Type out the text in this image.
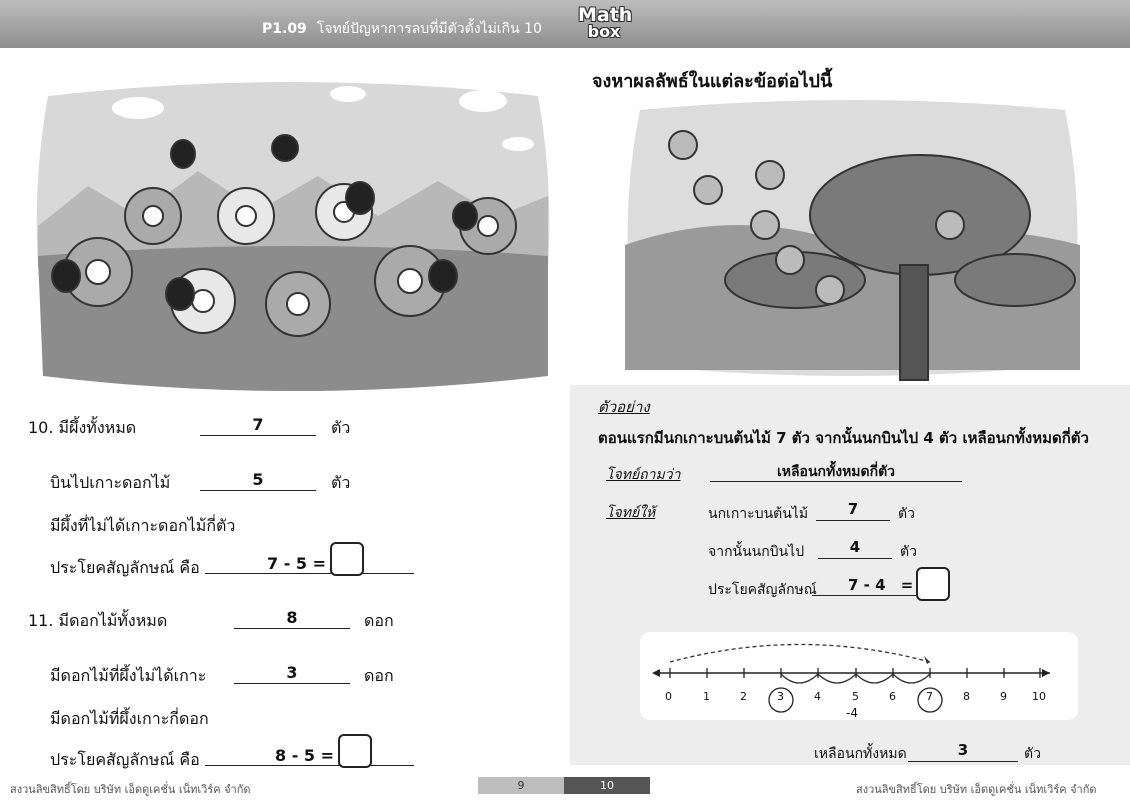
P1.09 โจทย์ปัญหาการลบที่มีตัวตั้งไม่เกิน 10
Math
box
10. มีผึ้งทั้งหมด	7	ตัว
บินไปเกาะดอกไม้	5	ตัว
มีผึ้งที่ไม่ได้เกาะดอกไม้กี่ตัว
ประโยคสัญลักษณ์ คือ	7 - 5 =
11. มีดอกไม้ทั้งหมด	8	ดอก
มีดอกไม้ที่ผึ้งไม่ได้เกาะ	3	ดอก
มีดอกไม้ที่ผึ้งเกาะกี่ดอก
ประโยคสัญลักษณ์ คือ	8 - 5 =
จงหาผลลัพธ์ในแต่ละข้อต่อไปนี้
ตัวอย่าง
ตอนแรกมีนกเกาะบนต้นไม้ 7 ตัว จากนั้นนกบินไป 4 ตัว เหลือนกทั้งหมดกี่ตัว
โจทย์ถามว่า	เหลือนกทั้งหมดกี่ตัว
โจทย์ให้	นกเกาะบนต้นไม้	7	ตัว
จากนั้นนกบินไป	4	ตัว
ประโยคสัญลักษณ์	7 - 4 =
0	1	2	3	4	5	6	7	8	9 10
-4
เหลือนกทั้งหมด	3	ตัว
สงวนลิขสิทธิ์โดย บริษัท เอ็ดดูเคชั่น เน็ทเวิร์ค จำกัด	9	10	สงวนลิขสิทธิ์โดย บริษัท เอ็ดดูเคชั่น เน็ทเวิร์ค จำกัด
